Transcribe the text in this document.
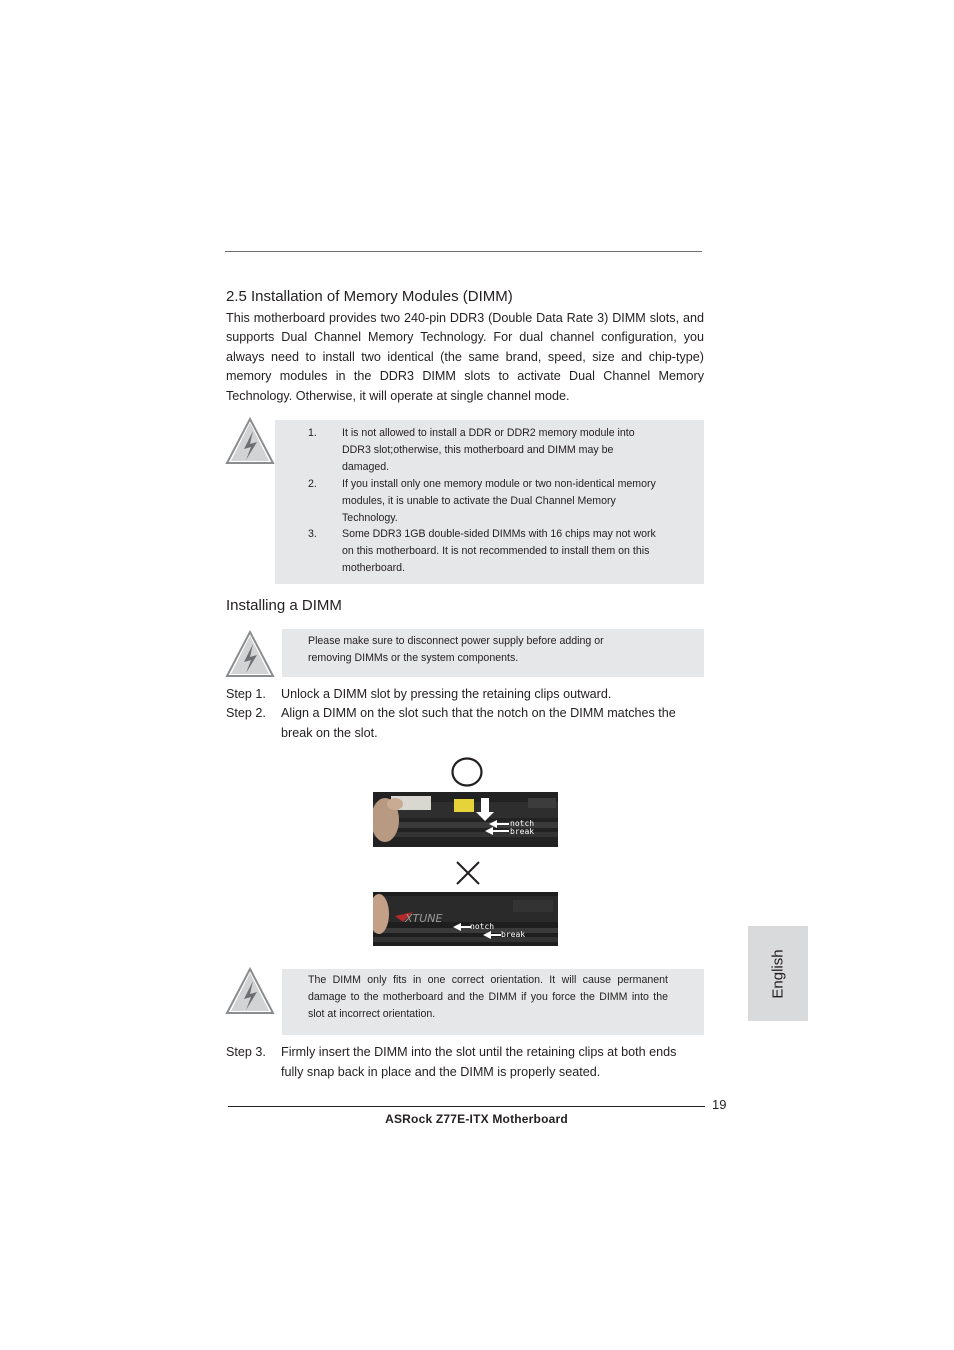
2.5 Installation of Memory Modules (DIMM)
This motherboard provides two 240-pin DDR3 (Double Data Rate 3) DIMM slots, and supports Dual Channel Memory Technology. For dual channel configuration, you always need to install two identical (the same brand, speed, size and chip-type) memory modules in the DDR3 DIMM slots to activate Dual Channel Memory Technology. Otherwise, it will operate at single channel mode.
1. It is not allowed to install a DDR or DDR2 memory module into DDR3 slot;otherwise, this motherboard and DIMM may be damaged.
2. If you install only one memory module or two non-identical memory modules, it is unable to activate the Dual Channel Memory Technology.
3. Some DDR3 1GB double-sided DIMMs with 16 chips may not work on this motherboard. It is not recommended to install them on this motherboard.
Installing a DIMM
Please make sure to disconnect power supply before adding or removing DIMMs or the system components.
Step 1. Unlock a DIMM slot by pressing the retaining clips outward.
Step 2. Align a DIMM on the slot such that the notch on the DIMM matches the break on the slot.
notch
break
XTUNE
notch
break
The DIMM only fits in one correct orientation. It will cause permanent damage to the motherboard and the DIMM if you force the DIMM into the slot at incorrect orientation.
Step 3. Firmly insert the DIMM into the slot until the retaining clips at both ends fully snap back in place and the DIMM is properly seated.
19
ASRock Z77E-ITX Motherboard
English
